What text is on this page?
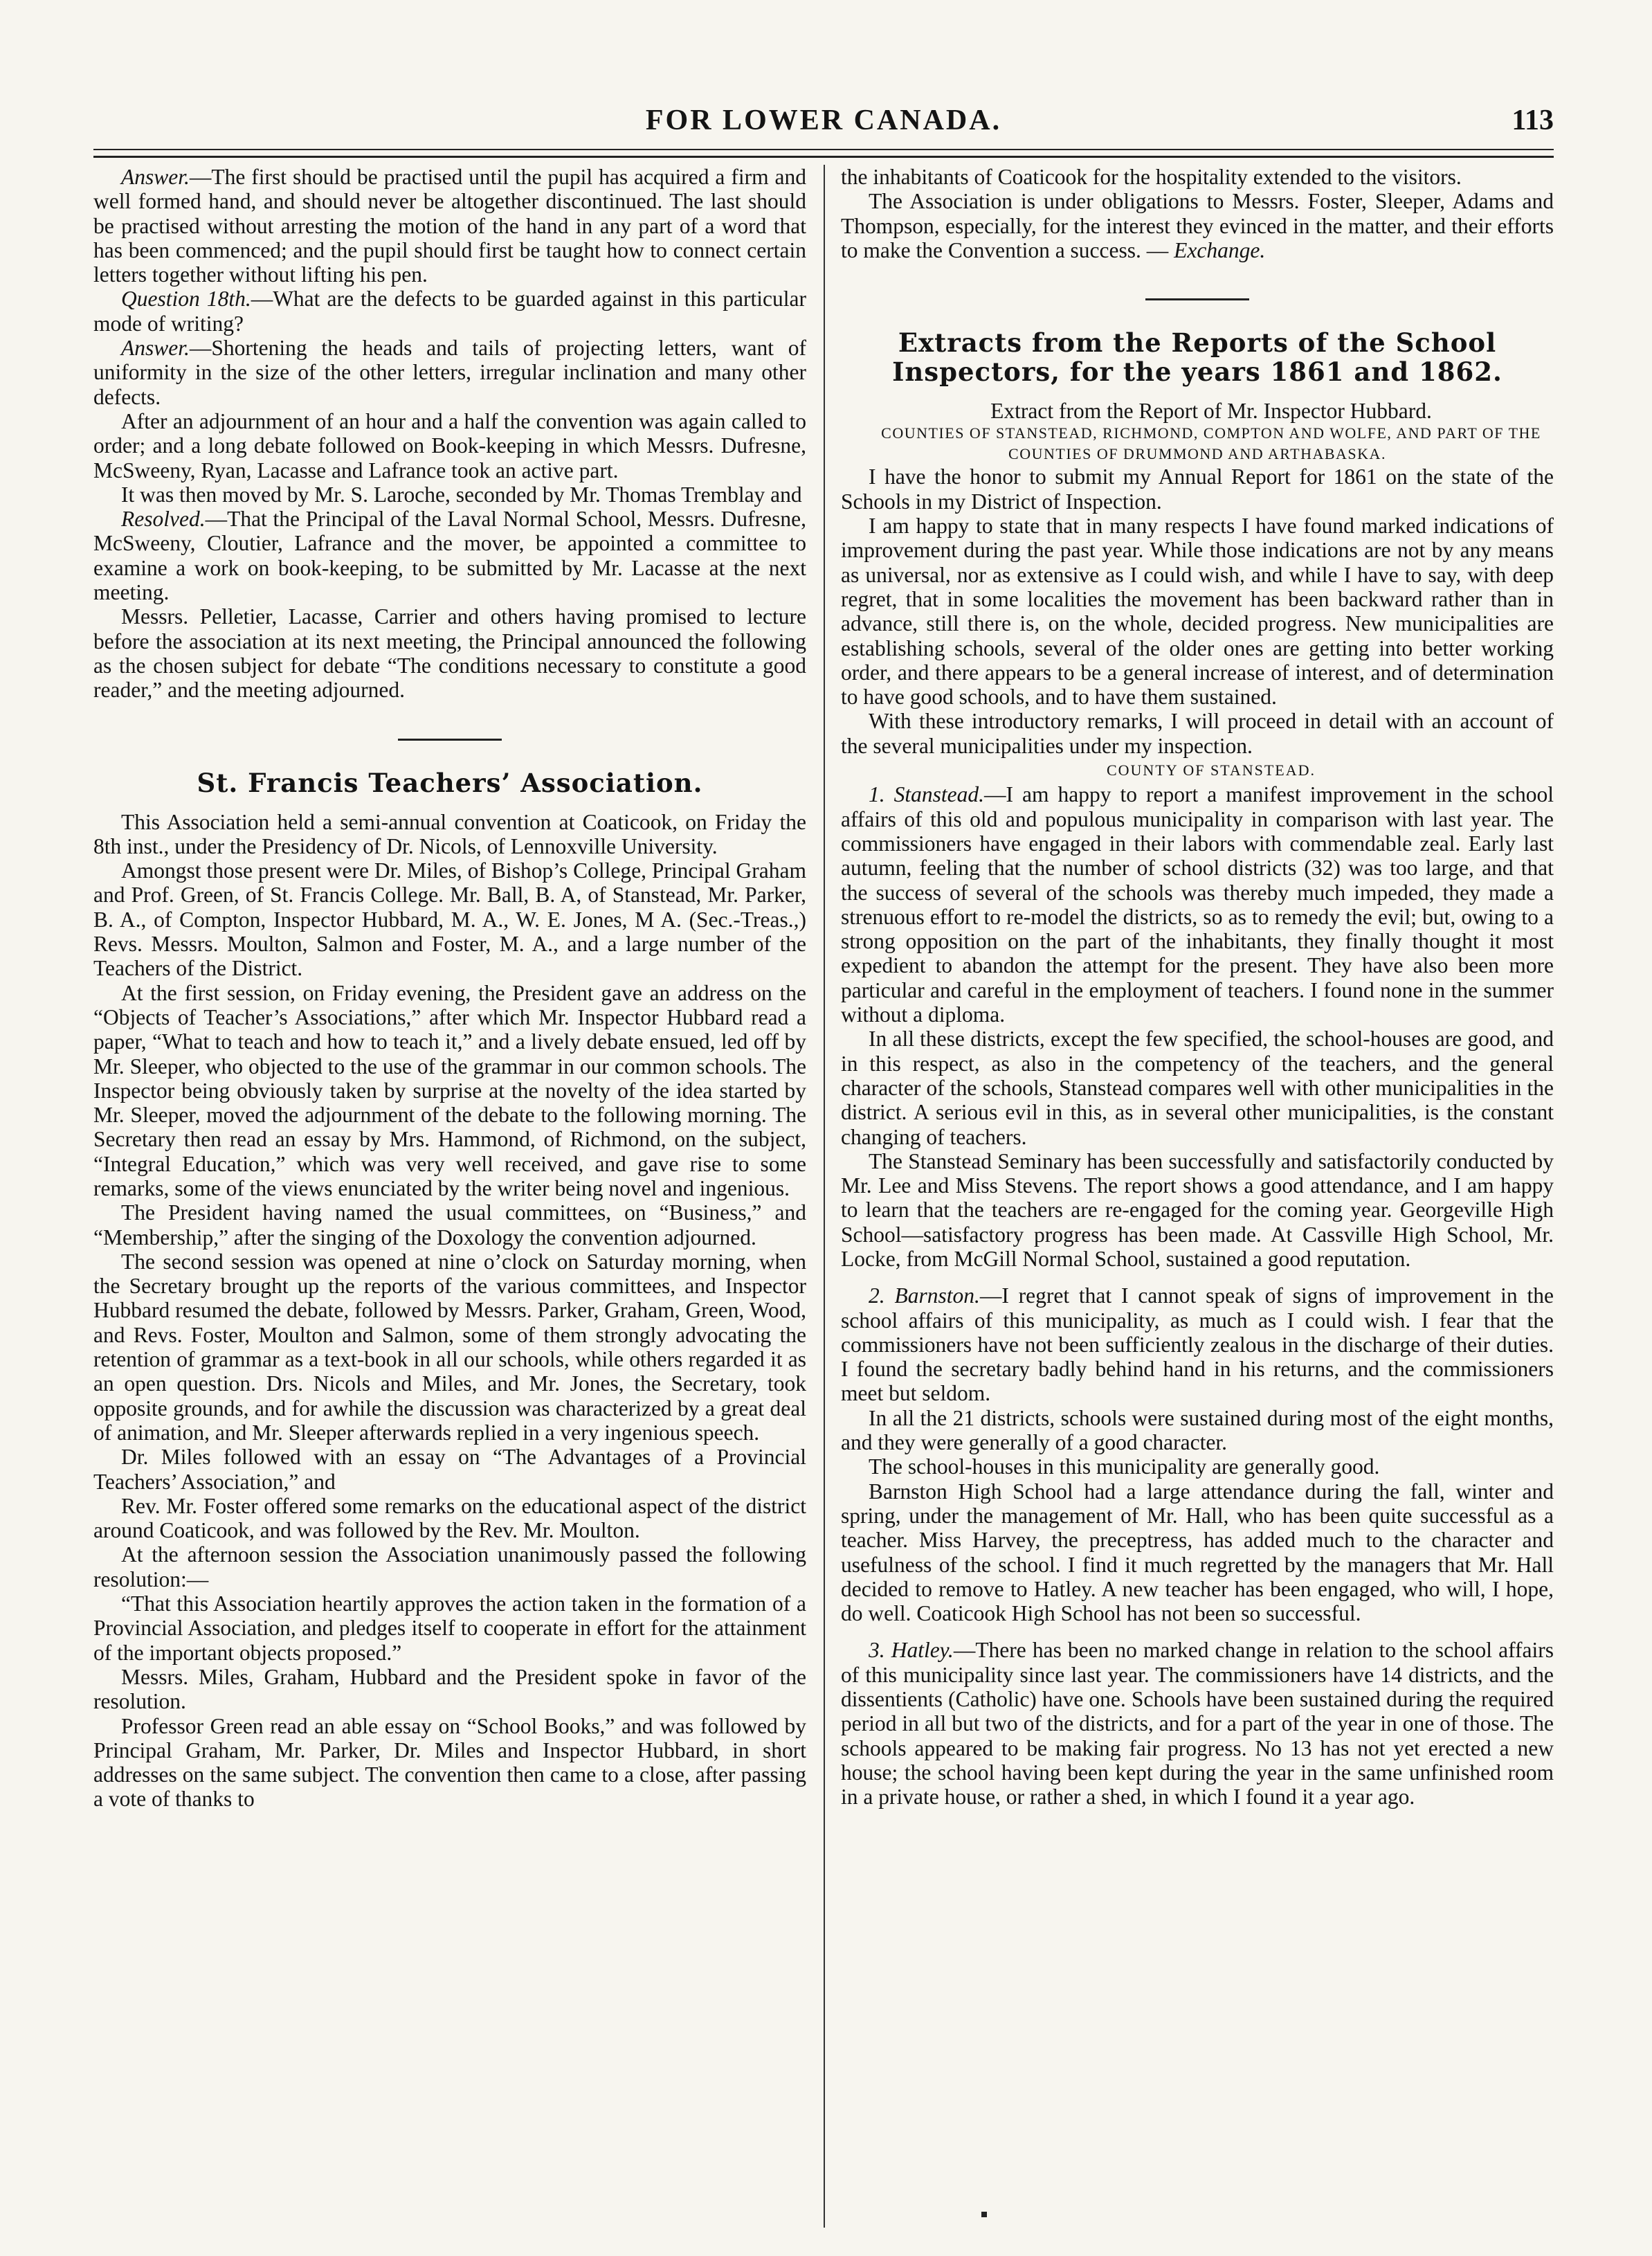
FOR LOWER CANADA.	113

Answer.—The first should be practised until the pupil has acquired a firm and well formed hand, and should never be altogether discontinued. The last should be practised without arresting the motion of the hand in any part of a word that has been commenced; and the pupil should first be taught how to connect certain letters together without lifting his pen.

Question 18th.—What are the defects to be guarded against in this particular mode of writing?

Answer.—Shortening the heads and tails of projecting letters, want of uniformity in the size of the other letters, irregular inclination and many other defects.

After an adjournment of an hour and a half the convention was again called to order; and a long debate followed on Book-keeping in which Messrs. Dufresne, McSweeny, Ryan, Lacasse and Lafrance took an active part.

It was then moved by Mr. S. Laroche, seconded by Mr. Thomas Tremblay and

Resolved.—That the Principal of the Laval Normal School, Messrs. Dufresne, McSweeny, Cloutier, Lafrance and the mover, be appointed a committee to examine a work on book-keeping, to be submitted by Mr. Lacasse at the next meeting.

Messrs. Pelletier, Lacasse, Carrier and others having promised to lecture before the association at its next meeting, the Principal announced the following as the chosen subject for debate “The conditions necessary to constitute a good reader,” and the meeting adjourned.

St. Francis Teachers’ Association.

This Association held a semi-annual convention at Coaticook, on Friday the 8th inst., under the Presidency of Dr. Nicols, of Lennoxville University.

Amongst those present were Dr. Miles, of Bishop’s College, Principal Graham and Prof. Green, of St. Francis College. Mr. Ball, B. A, of Stanstead, Mr. Parker, B. A., of Compton, Inspector Hubbard, M. A., W. E. Jones, M A. (Sec.-Treas.,) Revs. Messrs. Moulton, Salmon and Foster, M. A., and a large number of the Teachers of the District.

At the first session, on Friday evening, the President gave an address on the “Objects of Teacher’s Associations,” after which Mr. Inspector Hubbard read a paper, “What to teach and how to teach it,” and a lively debate ensued, led off by Mr. Sleeper, who objected to the use of the grammar in our common schools. The Inspector being obviously taken by surprise at the novelty of the idea started by Mr. Sleeper, moved the adjournment of the debate to the following morning. The Secretary then read an essay by Mrs. Hammond, of Richmond, on the subject, “Integral Education,” which was very well received, and gave rise to some remarks, some of the views enunciated by the writer being novel and ingenious.

The President having named the usual committees, on “Business,” and “Membership,” after the singing of the Doxology the convention adjourned.

The second session was opened at nine o’clock on Saturday morning, when the Secretary brought up the reports of the various committees, and Inspector Hubbard resumed the debate, followed by Messrs. Parker, Graham, Green, Wood, and Revs. Foster, Moulton and Salmon, some of them strongly advocating the retention of grammar as a text-book in all our schools, while others regarded it as an open question. Drs. Nicols and Miles, and Mr. Jones, the Secretary, took opposite grounds, and for awhile the discussion was characterized by a great deal of animation, and Mr. Sleeper afterwards replied in a very ingenious speech.

Dr. Miles followed with an essay on “The Advantages of a Provincial Teachers’ Association,” and

Rev. Mr. Foster offered some remarks on the educational aspect of the district around Coaticook, and was followed by the Rev. Mr. Moulton.

At the afternoon session the Association unanimously passed the following resolution:—

“That this Association heartily approves the action taken in the formation of a Provincial Association, and pledges itself to cooperate in effort for the attainment of the important objects proposed.”

Messrs. Miles, Graham, Hubbard and the President spoke in favor of the resolution.

Professor Green read an able essay on “School Books,” and was followed by Principal Graham, Mr. Parker, Dr. Miles and Inspector Hubbard, in short addresses on the same subject. The convention then came to a close, after passing a vote of thanks to

the inhabitants of Coaticook for the hospitality extended to the visitors.

The Association is under obligations to Messrs. Foster, Sleeper, Adams and Thompson, especially, for the interest they evinced in the matter, and their efforts to make the Convention a success. — Exchange.

Extracts from the Reports of the School Inspectors, for the years 1861 and 1862.

Extract from the Report of Mr. Inspector Hubbard.

COUNTIES OF STANSTEAD, RICHMOND, COMPTON AND WOLFE, AND PART OF THE COUNTIES OF DRUMMOND AND ARTHABASKA.

I have the honor to submit my Annual Report for 1861 on the state of the Schools in my District of Inspection.

I am happy to state that in many respects I have found marked indications of improvement during the past year. While those indications are not by any means as universal, nor as extensive as I could wish, and while I have to say, with deep regret, that in some localities the movement has been backward rather than in advance, still there is, on the whole, decided progress. New municipalities are establishing schools, several of the older ones are getting into better working order, and there appears to be a general increase of interest, and of determination to have good schools, and to have them sustained.

With these introductory remarks, I will proceed in detail with an account of the several municipalities under my inspection.

COUNTY OF STANSTEAD.

1. Stanstead.—I am happy to report a manifest improvement in the school affairs of this old and populous municipality in comparison with last year. The commissioners have engaged in their labors with commendable zeal. Early last autumn, feeling that the number of school districts (32) was too large, and that the success of several of the schools was thereby much impeded, they made a strenuous effort to re-model the districts, so as to remedy the evil; but, owing to a strong opposition on the part of the inhabitants, they finally thought it most expedient to abandon the attempt for the present. They have also been more particular and careful in the employment of teachers. I found none in the summer without a diploma.

In all these districts, except the few specified, the school-houses are good, and in this respect, as also in the competency of the teachers, and the general character of the schools, Stanstead compares well with other municipalities in the district. A serious evil in this, as in several other municipalities, is the constant changing of teachers.

The Stanstead Seminary has been successfully and satisfactorily conducted by Mr. Lee and Miss Stevens. The report shows a good attendance, and I am happy to learn that the teachers are re-engaged for the coming year. Georgeville High School—satisfactory progress has been made. At Cassville High School, Mr. Locke, from McGill Normal School, sustained a good reputation.

2. Barnston.—I regret that I cannot speak of signs of improvement in the school affairs of this municipality, as much as I could wish. I fear that the commissioners have not been sufficiently zealous in the discharge of their duties. I found the secretary badly behind hand in his returns, and the commissioners meet but seldom.

In all the 21 districts, schools were sustained during most of the eight months, and they were generally of a good character.

The school-houses in this municipality are generally good.

Barnston High School had a large attendance during the fall, winter and spring, under the management of Mr. Hall, who has been quite successful as a teacher. Miss Harvey, the preceptress, has added much to the character and usefulness of the school. I find it much regretted by the managers that Mr. Hall decided to remove to Hatley. A new teacher has been engaged, who will, I hope, do well. Coaticook High School has not been so successful.

3. Hatley.—There has been no marked change in relation to the school affairs of this municipality since last year. The commissioners have 14 districts, and the dissentients (Catholic) have one. Schools have been sustained during the required period in all but two of the districts, and for a part of the year in one of those. The schools appeared to be making fair progress. No 13 has not yet erected a new house; the school having been kept during the year in the same unfinished room in a private house, or rather a shed, in which I found it a year ago.
